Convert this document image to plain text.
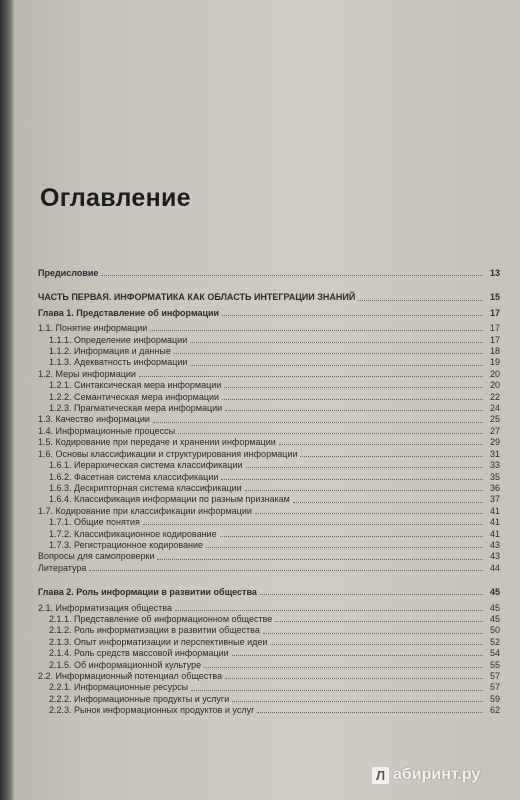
Оглавление
Предисловие	13
ЧАСТЬ ПЕРВАЯ. ИНФОРМАТИКА КАК ОБЛАСТЬ ИНТЕГРАЦИИ ЗНАНИЙ	15
Глава 1. Представление об информации	17
1.1. Понятие информации	17
1.1.1. Определение информации	17
1.1.2. Информация и данные	18
1.1.3. Адекватность информации	19
1.2. Меры информации	20
1.2.1. Синтаксическая мера информации	20
1.2.2. Семантическая мера информации	22
1.2.3. Прагматическая мера информации	24
1.3. Качество информации	25
1.4. Информационные процессы	27
1.5. Кодирование при передаче и хранении информации	29
1.6. Основы классификации и структурирования информации	31
1.6.1. Иерархическая система классификации	33
1.6.2. Фасетная система классификации	35
1.6.3. Дескрипторная система классификации	36
1.6.4. Классификация информации по разным признакам	37
1.7. Кодирование при классификации информации	41
1.7.1. Общие понятия	41
1.7.2. Классификационное кодирование	41
1.7.3. Регистрационное кодирование	43
Вопросы для самопроверки	43
Литература	44
Глава 2. Роль информации в развитии общества	45
2.1. Информатизация общества	45
2.1.1. Представление об информационном обществе	45
2.1.2. Роль информатизации в развитии общества	50
2.1.3. Опыт информатизации и перспективные идеи	52
2.1.4. Роль средств массовой информации	54
2.1.5. Об информационной культуре	55
2.2. Информационный потенциал общества	57
2.2.1. Информационные ресурсы	57
2.2.2. Информационные продукты и услуги	59
2.2.3. Рынок информационных продуктов и услуг	62
Л абиринт.ру
